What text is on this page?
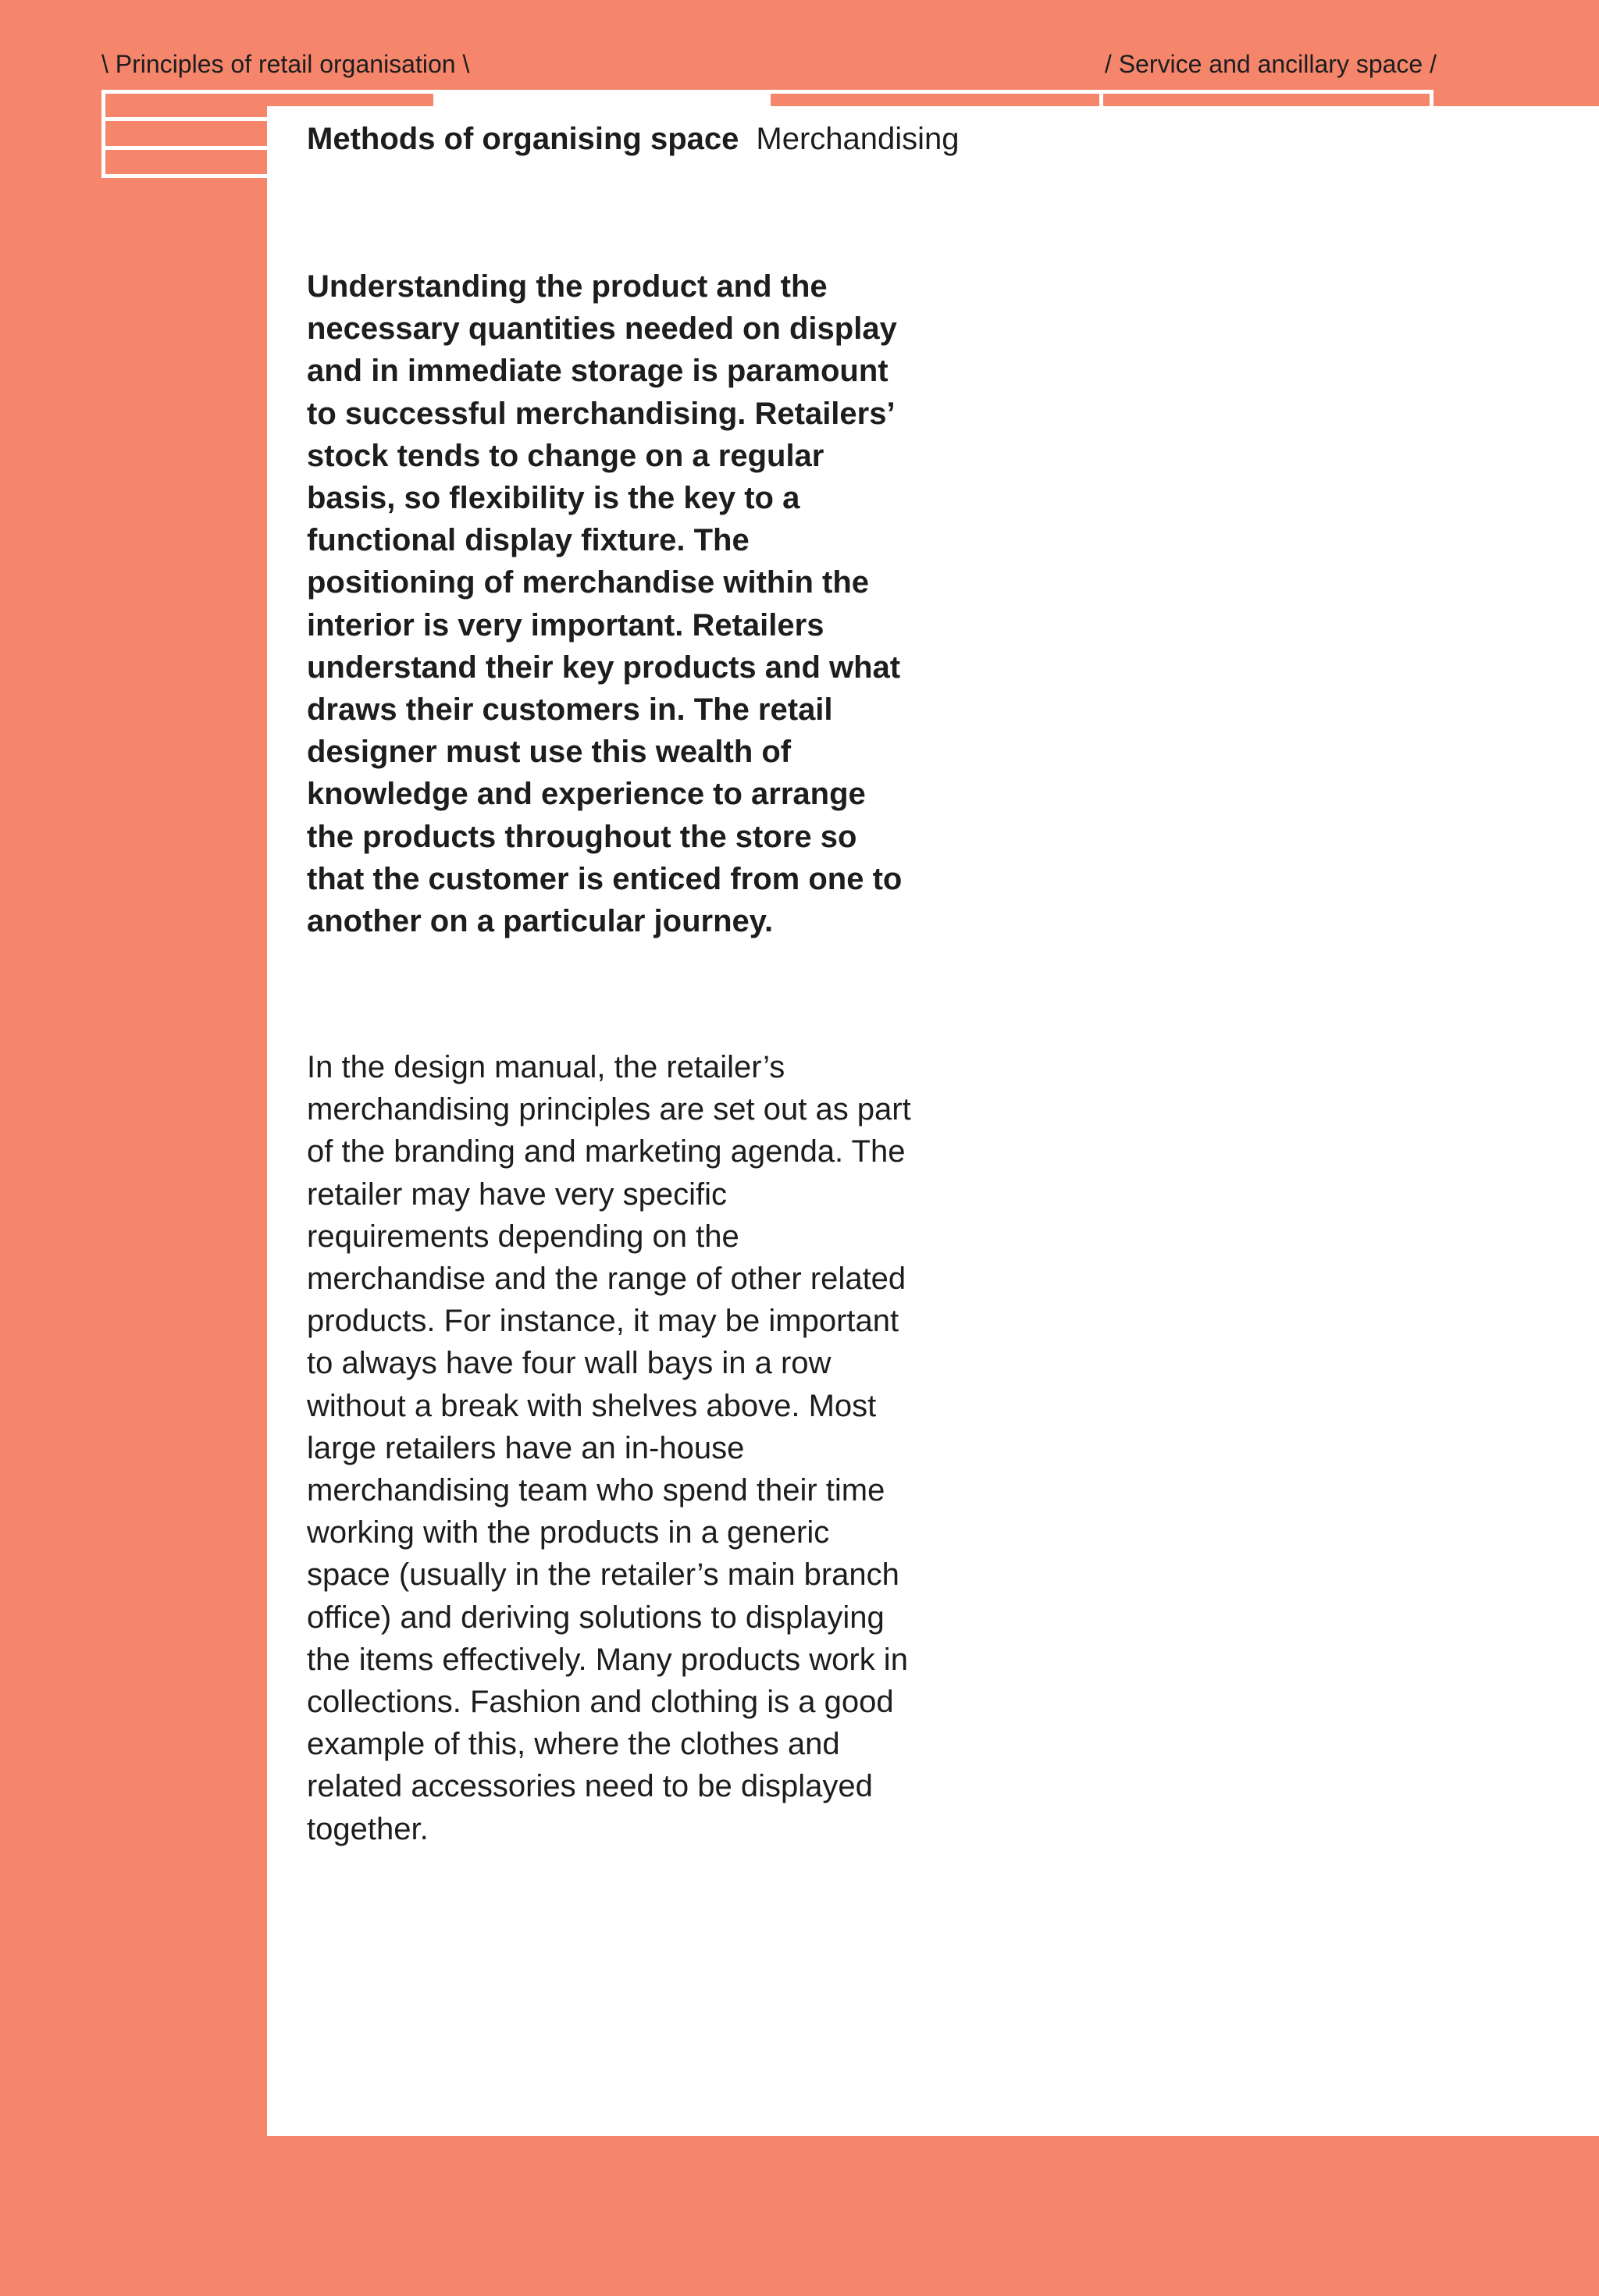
\ Principles of retail organisation \	/ Service and ancillary space /
Methods of organising space Merchandising

Understanding the product and the necessary quantities needed on display and in immediate storage is paramount to successful merchandising. Retailers’ stock tends to change on a regular basis, so flexibility is the key to a functional display fixture. The positioning of merchandise within the interior is very important. Retailers understand their key products and what draws their customers in. The retail designer must use this wealth of knowledge and experience to arrange the products throughout the store so that the customer is enticed from one to another on a particular journey.

In the design manual, the retailer’s merchandising principles are set out as part of the branding and marketing agenda. The retailer may have very specific requirements depending on the merchandise and the range of other related products. For instance, it may be important to always have four wall bays in a row without a break with shelves above. Most large retailers have an in-house merchandising team who spend their time working with the products in a generic space (usually in the retailer’s main branch office) and deriving solutions to displaying the items effectively. Many products work in collections. Fashion and clothing is a good example of this, where the clothes and related accessories need to be displayed together.
